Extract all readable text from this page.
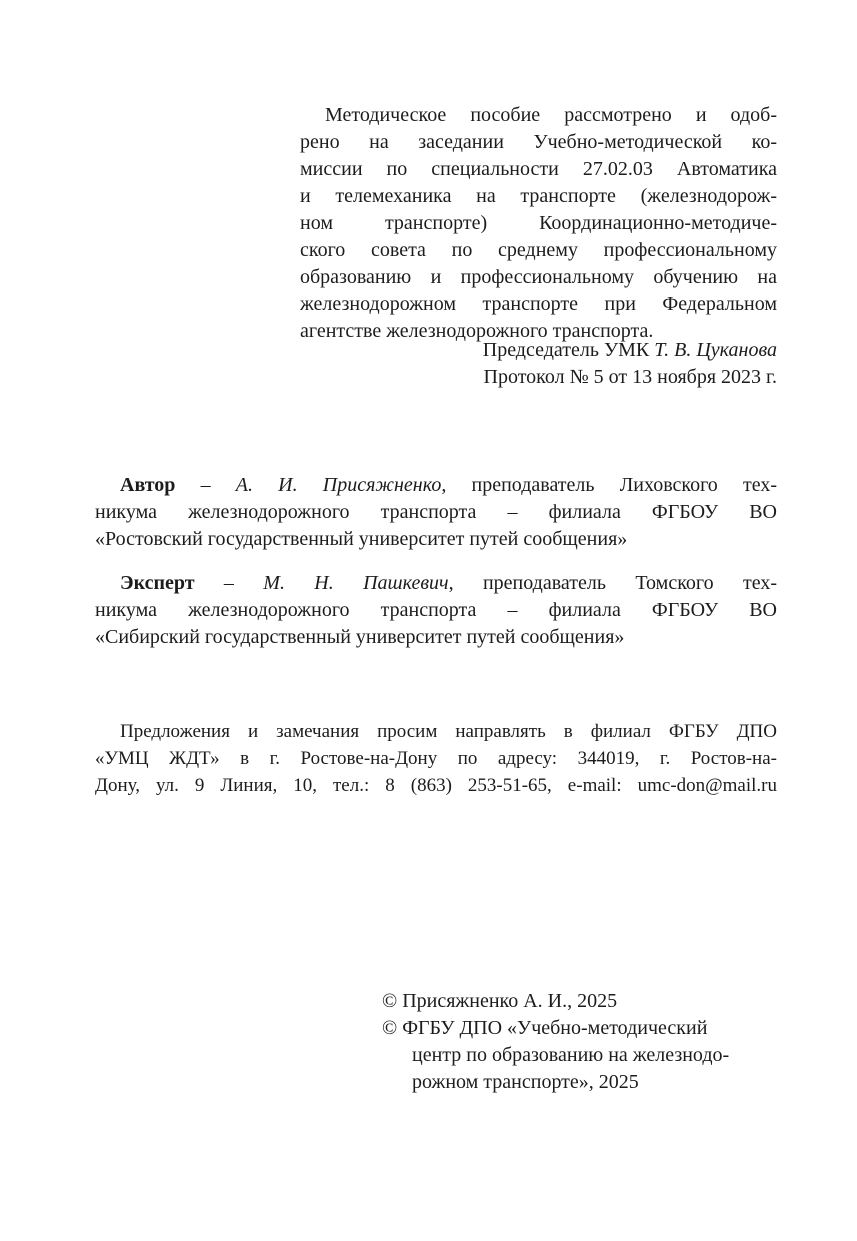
Методическое пособие рассмотрено и одоб-
рено на заседании Учебно-методической ко-
миссии по специальности 27.02.03 Автоматика
и телемеханика на транспорте (железнодорож-
ном транспорте) Координационно-методиче-
ского совета по среднему профессиональному
образованию и профессиональному обучению на
железнодорожном транспорте при Федеральном
агентстве железнодорожного транспорта.
Председатель УМК Т. В. Цуканова
Протокол № 5 от 13 ноября 2023 г.
Автор – А. И. Присяжненко, преподаватель Лиховского тех-
никума железнодорожного транспорта – филиала ФГБОУ ВО
«Ростовский государственный университет путей сообщения»
Эксперт – М. Н. Пашкевич, преподаватель Томского тех-
никума железнодорожного транспорта – филиала ФГБОУ ВО
«Сибирский государственный университет путей сообщения»
Предложения и замечания просим направлять в филиал ФГБУ ДПО
«УМЦ ЖДТ» в г. Ростове-на-Дону по адресу: 344019, г. Ростов-на-
Дону, ул. 9 Линия, 10, тел.: 8 (863) 253-51-65, e-mail: umc-don@mail.ru
© Присяжненко А. И., 2025
© ФГБУ ДПО «Учебно-методический
центр по образованию на железнодо-
рожном транспорте», 2025
